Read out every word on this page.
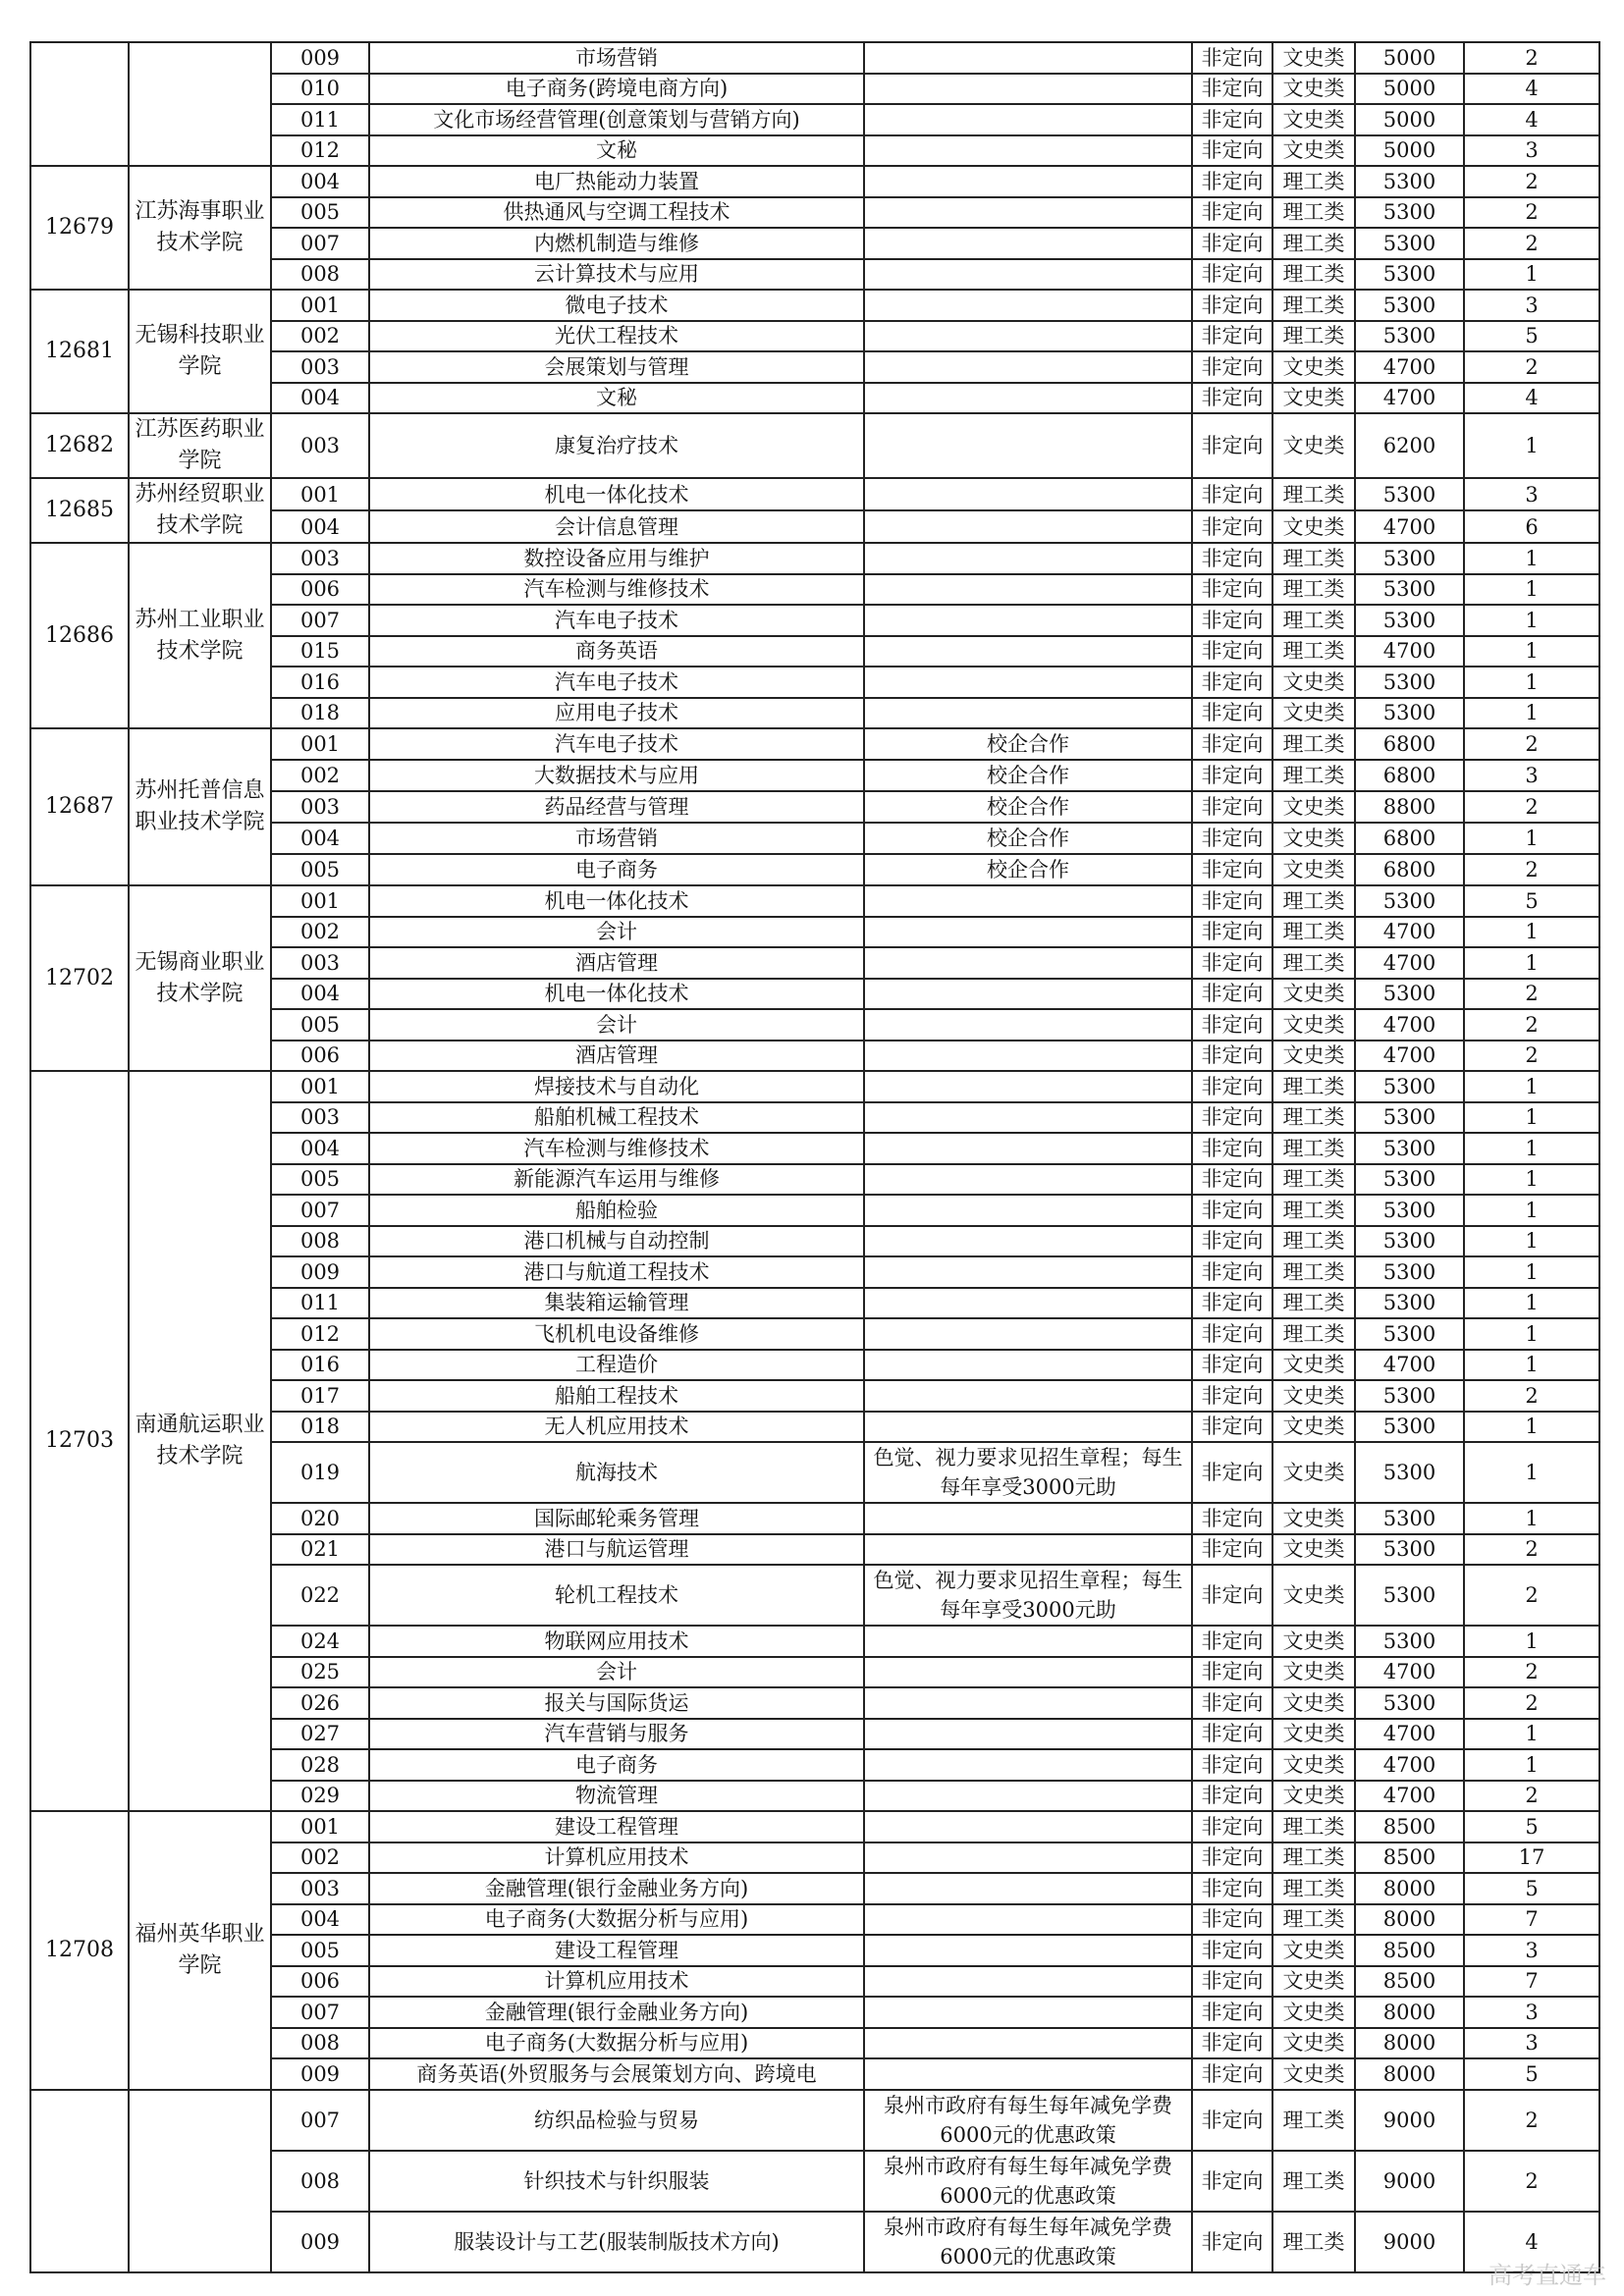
		009	市场营销		非定向	文史类	5000	2
		010	电子商务(跨境电商方向)		非定向	文史类	5000	4
		011	文化市场经营管理(创意策划与营销方向)		非定向	文史类	5000	4
		012	文秘		非定向	文史类	5000	3
12679	江苏海事职业技术学院	004	电厂热能动力装置		非定向	理工类	5300	2
		005	供热通风与空调工程技术		非定向	理工类	5300	2
		007	内燃机制造与维修		非定向	理工类	5300	2
		008	云计算技术与应用		非定向	理工类	5300	1
12681	无锡科技职业学院	001	微电子技术		非定向	理工类	5300	3
		002	光伏工程技术		非定向	理工类	5300	5
		003	会展策划与管理		非定向	文史类	4700	2
		004	文秘		非定向	文史类	4700	4
12682	江苏医药职业学院	003	康复治疗技术		非定向	文史类	6200	1
12685	苏州经贸职业技术学院	001	机电一体化技术		非定向	理工类	5300	3
		004	会计信息管理		非定向	文史类	4700	6
12686	苏州工业职业技术学院	003	数控设备应用与维护		非定向	理工类	5300	1
		006	汽车检测与维修技术		非定向	理工类	5300	1
		007	汽车电子技术		非定向	理工类	5300	1
		015	商务英语		非定向	理工类	4700	1
		016	汽车电子技术		非定向	文史类	5300	1
		018	应用电子技术		非定向	文史类	5300	1
12687	苏州托普信息职业技术学院	001	汽车电子技术	校企合作	非定向	理工类	6800	2
		002	大数据技术与应用	校企合作	非定向	理工类	6800	3
		003	药品经营与管理	校企合作	非定向	文史类	8800	2
		004	市场营销	校企合作	非定向	文史类	6800	1
		005	电子商务	校企合作	非定向	文史类	6800	2
12702	无锡商业职业技术学院	001	机电一体化技术		非定向	理工类	5300	5
		002	会计		非定向	理工类	4700	1
		003	酒店管理		非定向	理工类	4700	1
		004	机电一体化技术		非定向	文史类	5300	2
		005	会计		非定向	文史类	4700	2
		006	酒店管理		非定向	文史类	4700	2
12703	南通航运职业技术学院	001	焊接技术与自动化		非定向	理工类	5300	1
		003	船舶机械工程技术		非定向	理工类	5300	1
		004	汽车检测与维修技术		非定向	理工类	5300	1
		005	新能源汽车运用与维修		非定向	理工类	5300	1
		007	船舶检验		非定向	理工类	5300	1
		008	港口机械与自动控制		非定向	理工类	5300	1
		009	港口与航道工程技术		非定向	理工类	5300	1
		011	集装箱运输管理		非定向	理工类	5300	1
		012	飞机机电设备维修		非定向	理工类	5300	1
		016	工程造价		非定向	文史类	4700	1
		017	船舶工程技术		非定向	文史类	5300	2
		018	无人机应用技术		非定向	文史类	5300	1
		019	航海技术	色觉、视力要求见招生章程；每生每年享受3000元助	非定向	文史类	5300	1
		020	国际邮轮乘务管理		非定向	文史类	5300	1
		021	港口与航运管理		非定向	文史类	5300	2
		022	轮机工程技术	色觉、视力要求见招生章程；每生每年享受3000元助	非定向	文史类	5300	2
		024	物联网应用技术		非定向	文史类	5300	1
		025	会计		非定向	文史类	4700	2
		026	报关与国际货运		非定向	文史类	5300	2
		027	汽车营销与服务		非定向	文史类	4700	1
		028	电子商务		非定向	文史类	4700	1
		029	物流管理		非定向	文史类	4700	2
12708	福州英华职业学院	001	建设工程管理		非定向	理工类	8500	5
		002	计算机应用技术		非定向	理工类	8500	17
		003	金融管理(银行金融业务方向)		非定向	理工类	8000	5
		004	电子商务(大数据分析与应用)		非定向	理工类	8000	7
		005	建设工程管理		非定向	文史类	8500	3
		006	计算机应用技术		非定向	文史类	8500	7
		007	金融管理(银行金融业务方向)		非定向	文史类	8000	3
		008	电子商务(大数据分析与应用)		非定向	文史类	8000	3
		009	商务英语(外贸服务与会展策划方向、跨境电		非定向	文史类	8000	5
		007	纺织品检验与贸易	泉州市政府有每生每年减免学费6000元的优惠政策	非定向	理工类	9000	2
		008	针织技术与针织服装	泉州市政府有每生每年减免学费6000元的优惠政策	非定向	理工类	9000	2
		009	服装设计与工艺(服装制版技术方向)	泉州市政府有每生每年减免学费6000元的优惠政策	非定向	理工类	9000	4
高考直通车
